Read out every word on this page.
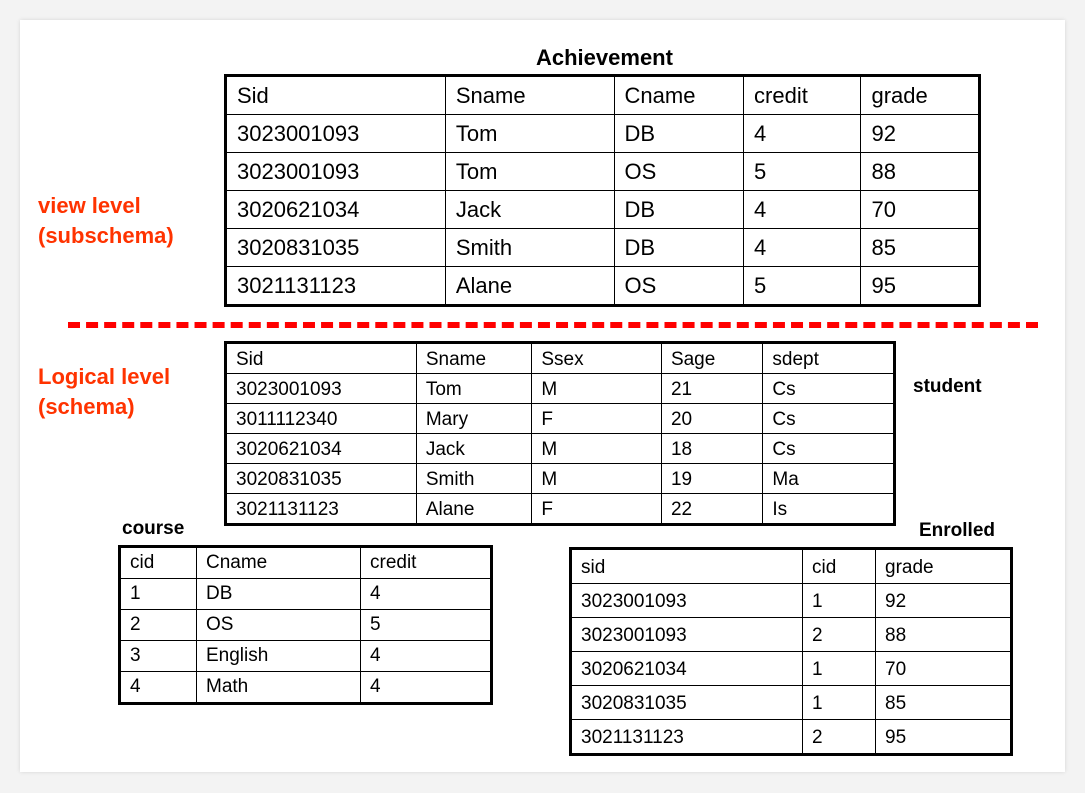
Achievement
Sid	Sname	Cname	credit	grade
3023001093	Tom	DB	4	92
3023001093	Tom	OS	5	88
3020621034	Jack	DB	4	70
3020831035	Smith	DB	4	85
3021131123	Alane	OS	5	95
view level
(subschema)
Logical level
(schema)
Sid	Sname	Ssex	Sage	sdept
3023001093	Tom	M	21	Cs
3011112340	Mary	F	20	Cs
3020621034	Jack	M	18	Cs
3020831035	Smith	M	19	Ma
3021131123	Alane	F	22	Is
student
course
cid	Cname	credit
1	DB	4
2	OS	5
3	English	4
4	Math	4
Enrolled
sid	cid	grade
3023001093	1	92
3023001093	2	88
3020621034	1	70
3020831035	1	85
3021131123	2	95
